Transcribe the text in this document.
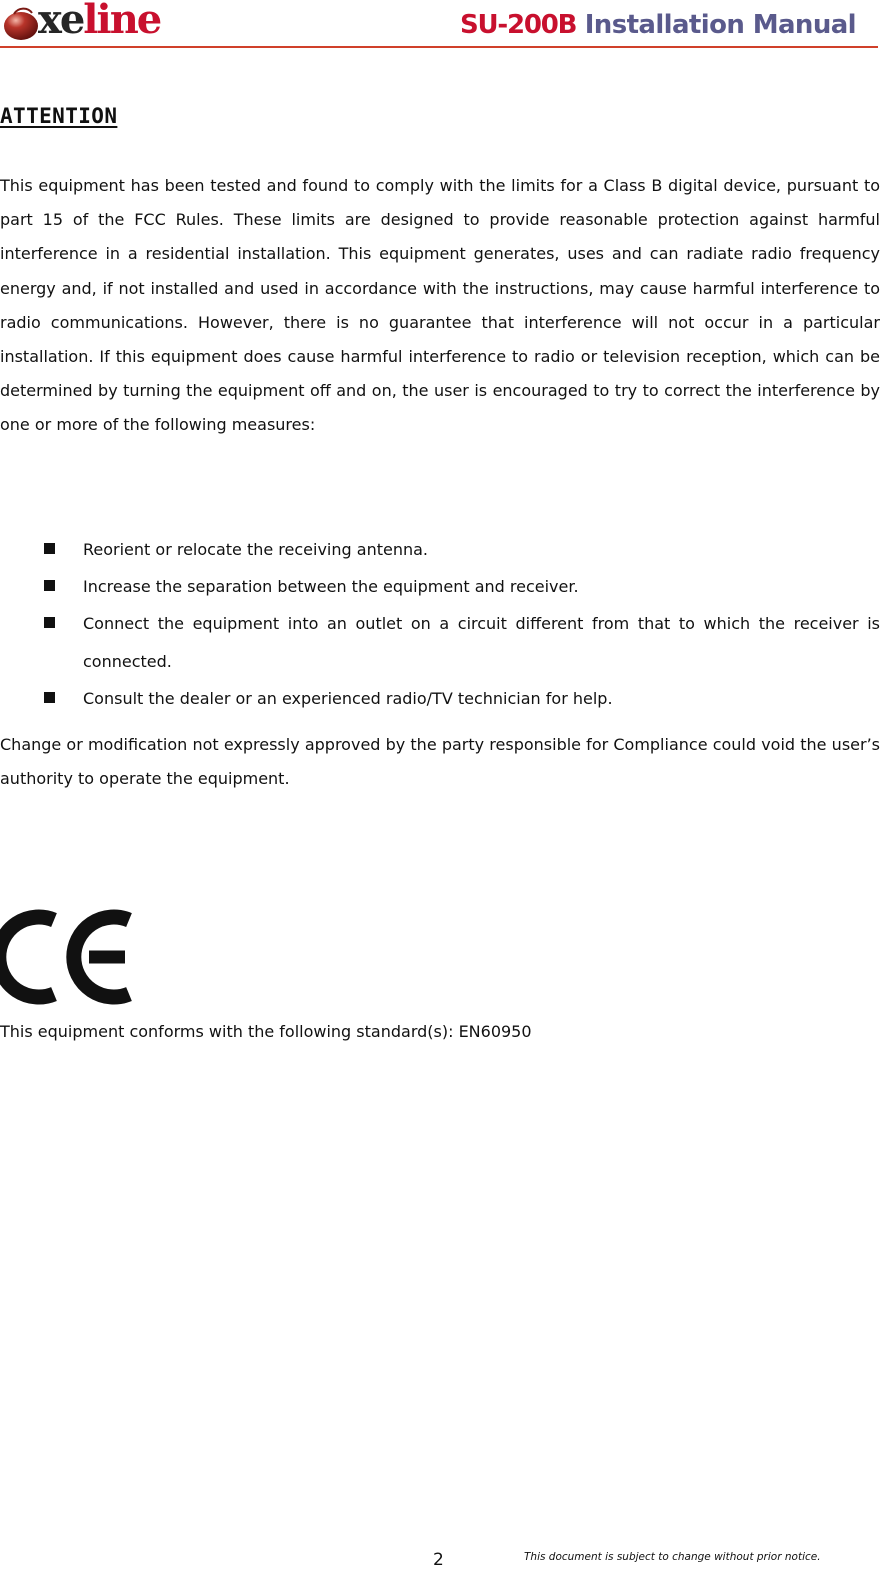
xeline	SU-200B Installation Manual
ATTENTION

This equipment has been tested and found to comply with the limits for a Class B digital device, pursuant to part 15 of the FCC Rules. These limits are designed to provide reasonable protection against harmful interference in a residential installation. This equipment generates, uses and can radiate radio frequency energy and, if not installed and used in accordance with the instructions, may cause harmful interference to radio communications. However, there is no guarantee that interference will not occur in a particular installation. If this equipment does cause harmful interference to radio or television reception, which can be determined by turning the equipment off and on, the user is encouraged to try to correct the interference by one or more of the following measures:

Reorient or relocate the receiving antenna.
Increase the separation between the equipment and receiver.
Connect the equipment into an outlet on a circuit different from that to which the receiver is connected.
Consult the dealer or an experienced radio/TV technician for help.

Change or modification not expressly approved by the party responsible for Compliance could void the user’s authority to operate the equipment.

This equipment conforms with the following standard(s): EN60950
2	This document is subject to change without prior notice.
